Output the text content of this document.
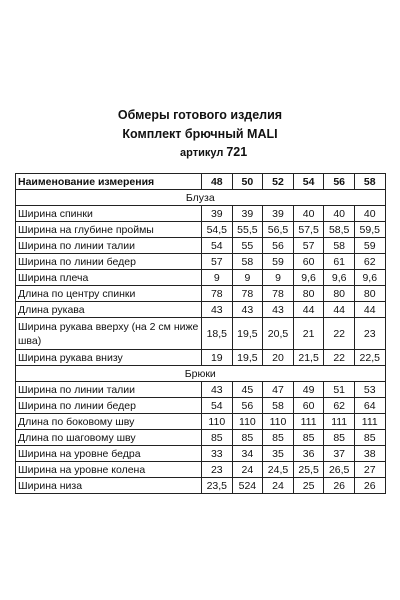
Обмеры готового изделия
Комплект брючный MALI
артикул 721
Наименование измерения	48	50	52	54	56	58
Блуза						
Ширина спинки	39	39	39	40	40	40
Ширина на глубине проймы	54,5	55,5	56,5	57,5	58,5	59,5
Ширина по линии талии	54	55	56	57	58	59
Ширина по линии бедер	57	58	59	60	61	62
Ширина плеча	9	9	9	9,6	9,6	9,6
Длина по центру спинки	78	78	78	80	80	80
Длина рукава	43	43	43	44	44	44
Ширина рукава вверху (на 2 см ниже шва)	18,5	19,5	20,5	21	22	23
Ширина рукава внизу	19	19,5	20	21,5	22	22,5
Брюки						
Ширина по линии талии	43	45	47	49	51	53
Ширина по линии бедер	54	56	58	60	62	64
Длина по боковому шву	110	110	110	111	111	111
Длина по шаговому шву	85	85	85	85	85	85
Ширина на уровне бедра	33	34	35	36	37	38
Ширина на уровне колена	23	24	24,5	25,5	26,5	27
Ширина низа	23,5	524	24	25	26	26
